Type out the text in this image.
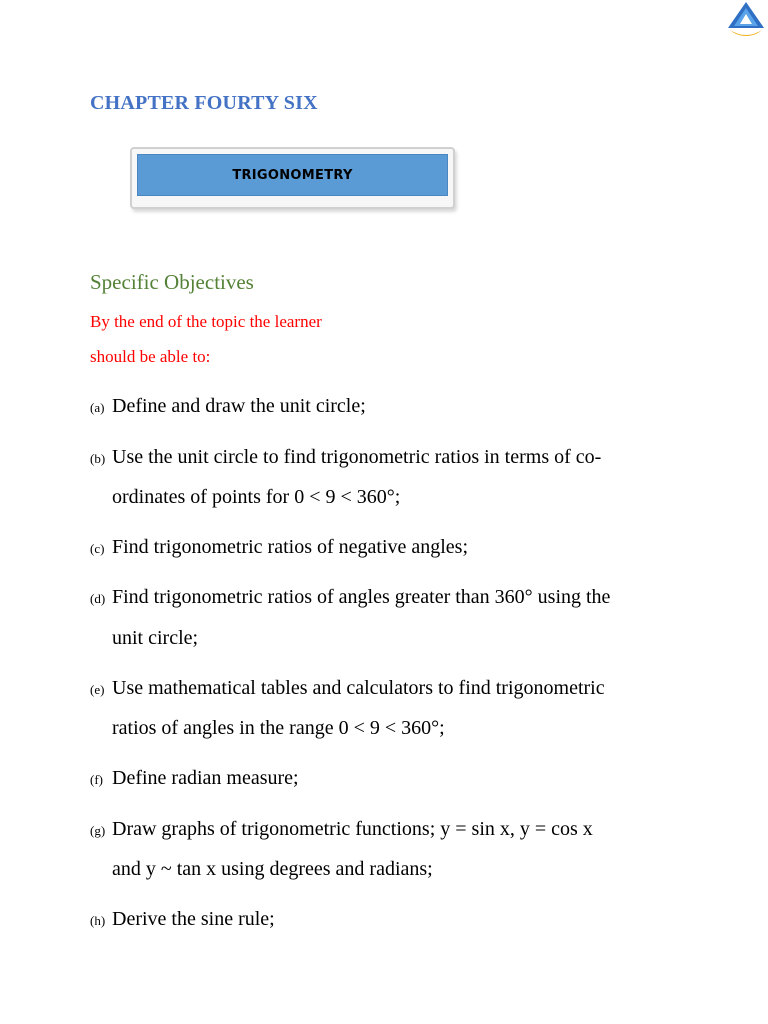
CHAPTER FOURTY SIX
TRIGONOMETRY
Specific Objectives

By the end of the topic the learner

should be able to:

(a) Define and draw the unit circle;

(b) Use the unit circle to find trigonometric ratios in terms of co-

ordinates of points for 0 < 9 < 360°;

(c) Find trigonometric ratios of negative angles;

(d) Find trigonometric ratios of angles greater than 360° using the

unit circle;

(e) Use mathematical tables and calculators to find trigonometric

ratios of angles in the range 0 < 9 < 360°;

(f) Define radian measure;

(g) Draw graphs of trigonometric functions; y = sin x, y = cos x

and y ~ tan x using degrees and radians;

(h) Derive the sine rule;
